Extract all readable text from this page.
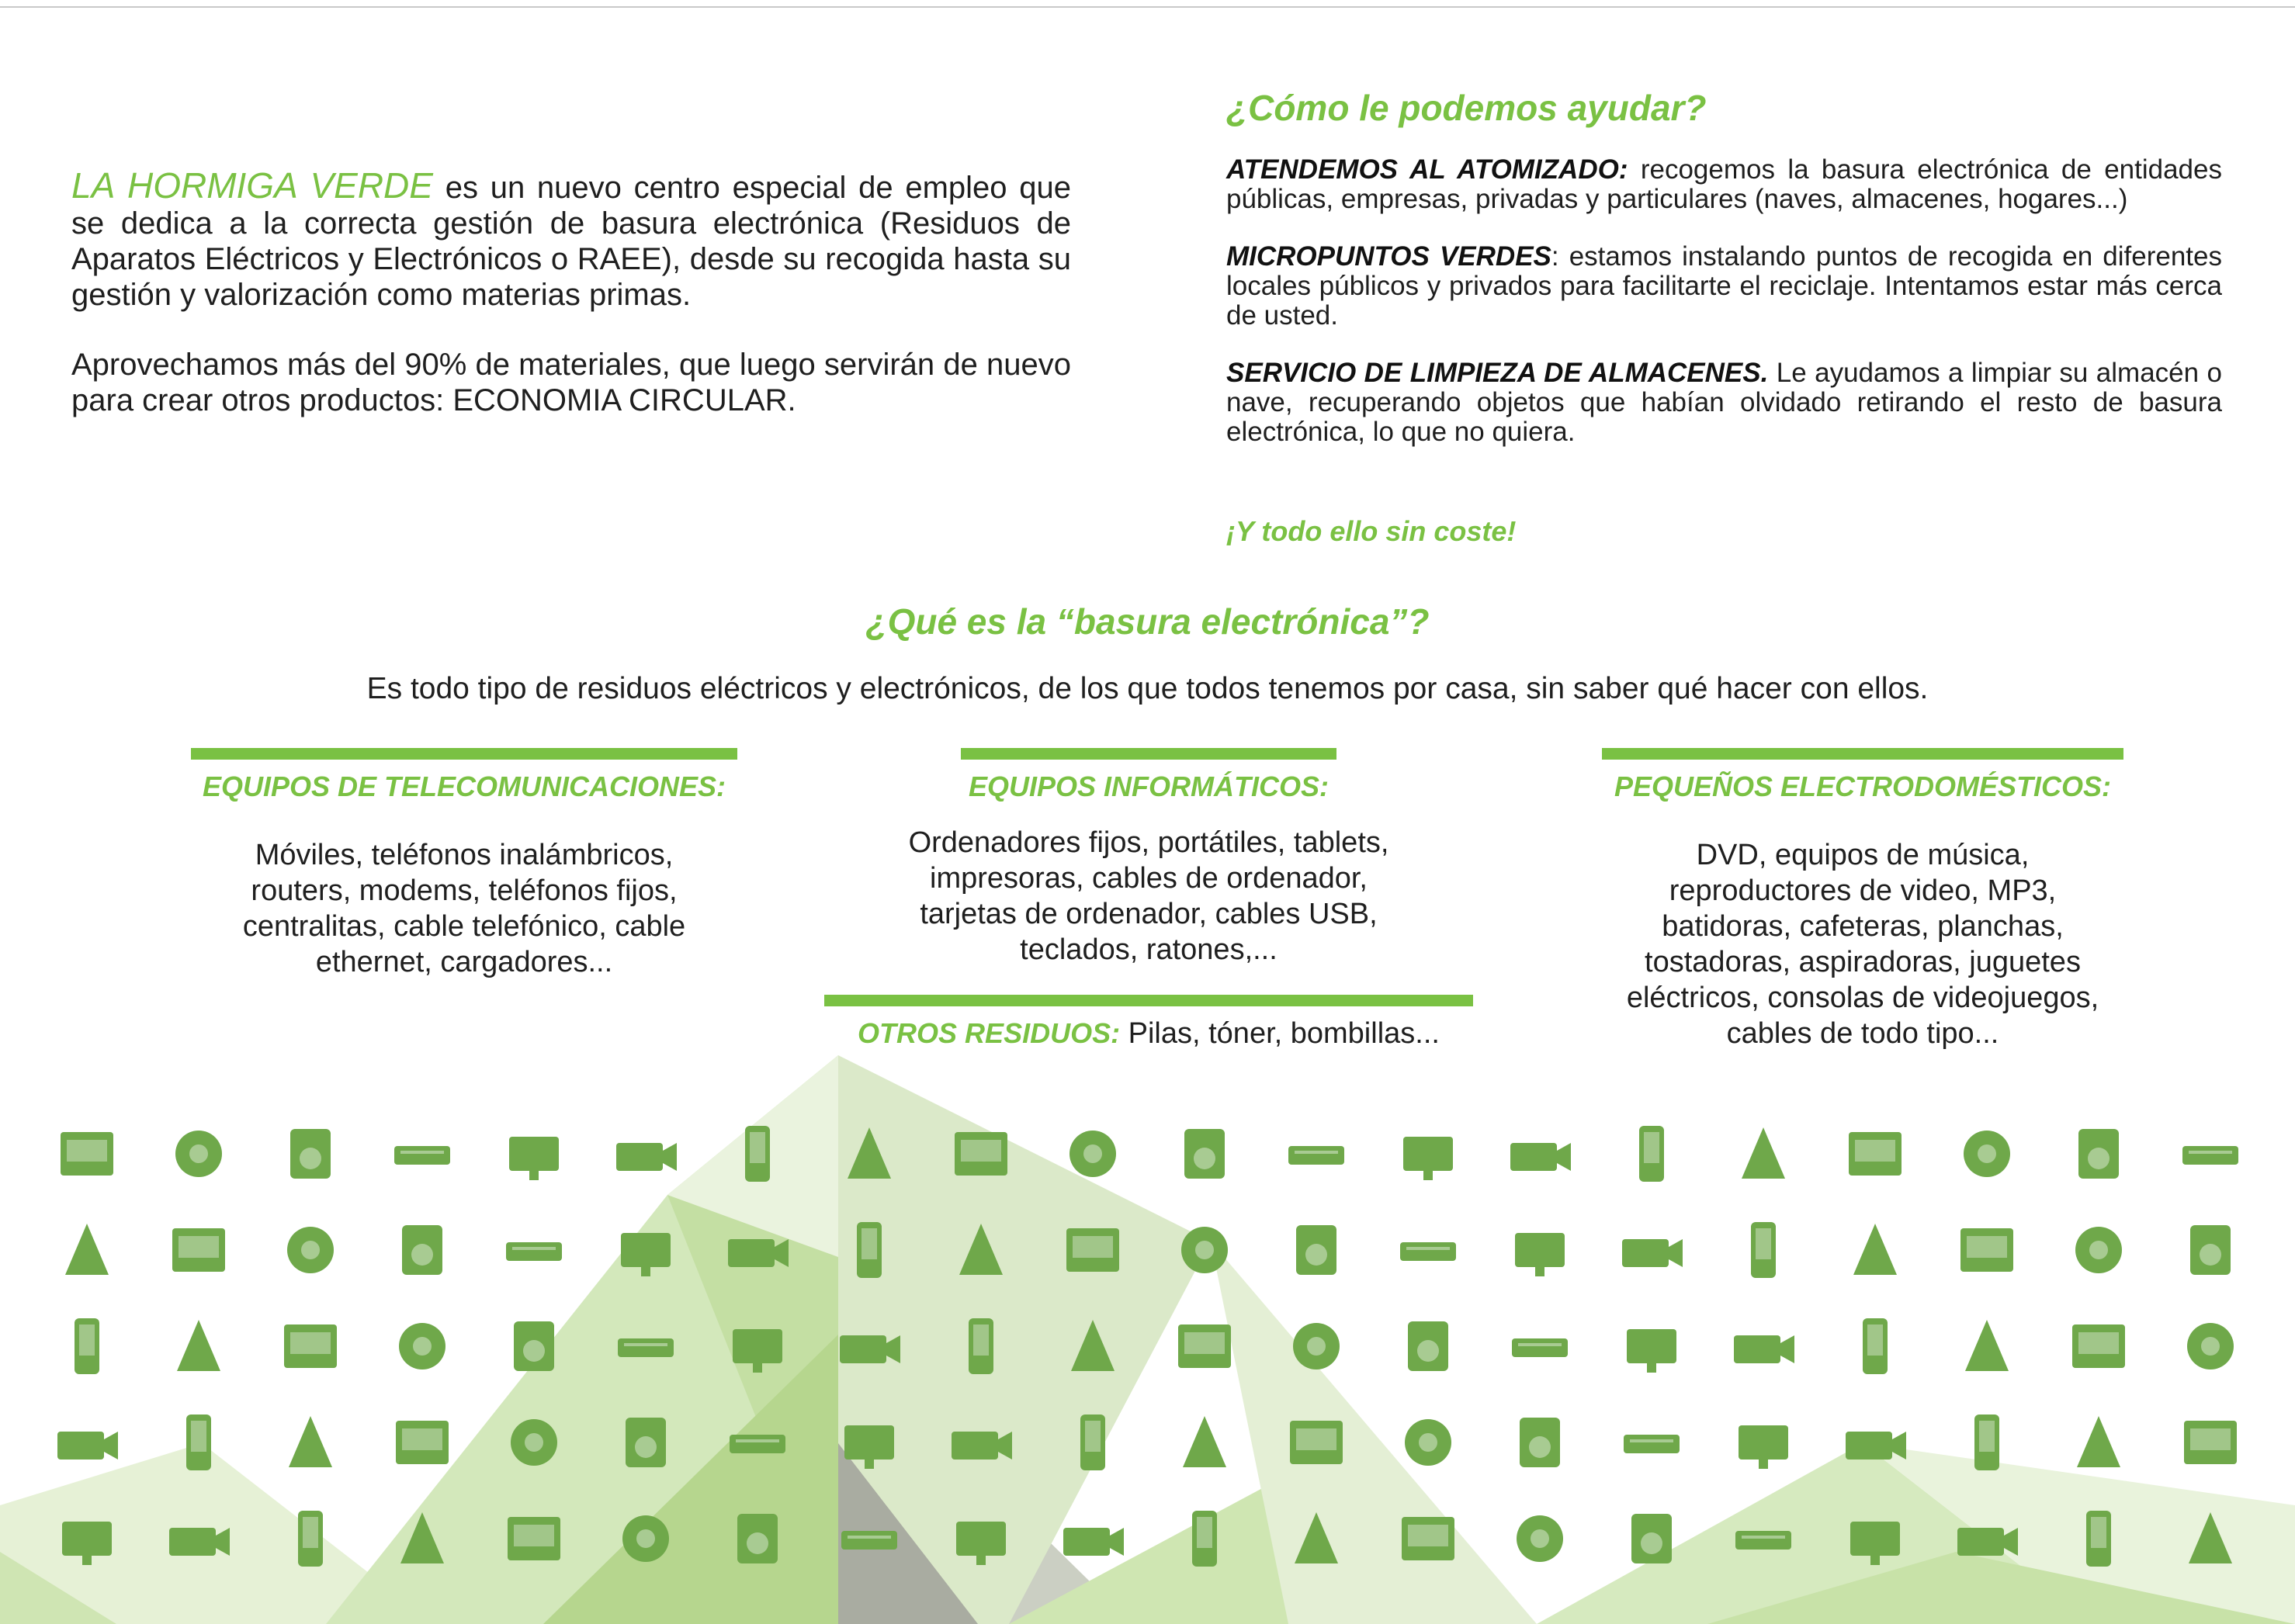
LA HORMIGA VERDE es un nuevo centro especial de empleo que se dedica a la correcta gestión de basura electrónica (Residuos de Aparatos Eléctricos y Electrónicos o RAEE), desde su recogida hasta su gestión y valorización como materias primas.

Aprovechamos más del 90% de materiales, que luego servirán de nuevo para crear otros productos: ECONOMIA CIRCULAR.

¿Cómo le podemos ayudar?

ATENDEMOS AL ATOMIZADO: recogemos la basura electrónica de entidades públicas, empresas, privadas y particulares (naves, almacenes, hogares...)

MICROPUNTOS VERDES: estamos instalando puntos de recogida en diferentes locales públicos y privados para facilitarte el reciclaje. Intentamos estar más cerca de usted.

SERVICIO DE LIMPIEZA DE ALMACENES. Le ayudamos a limpiar su almacén o nave, recuperando objetos que habían olvidado retirando el resto de basura electrónica, lo que no quiera.

¡Y todo ello sin coste!
¿Qué es la “basura electrónica”?
Es todo tipo de residuos eléctricos y electrónicos, de los que todos tenemos por casa, sin saber qué hacer con ellos.
EQUIPOS DE TELECOMUNICACIONES:
Móviles, teléfonos inalámbricos,
routers, modems, teléfonos fijos,
centralitas, cable telefónico, cable
ethernet, cargadores...
EQUIPOS INFORMÁTICOS:
Ordenadores fijos, portátiles, tablets,
impresoras, cables de ordenador,
tarjetas de ordenador, cables USB,
teclados, ratones,...
PEQUEÑOS ELECTRODOMÉSTICOS:
DVD, equipos de música,
reproductores de video, MP3,
batidoras, cafeteras, planchas,
tostadoras, aspiradoras, juguetes
eléctricos, consolas de videojuegos,
cables de todo tipo...
OTROS RESIDUOS: Pilas, tóner, bombillas...
